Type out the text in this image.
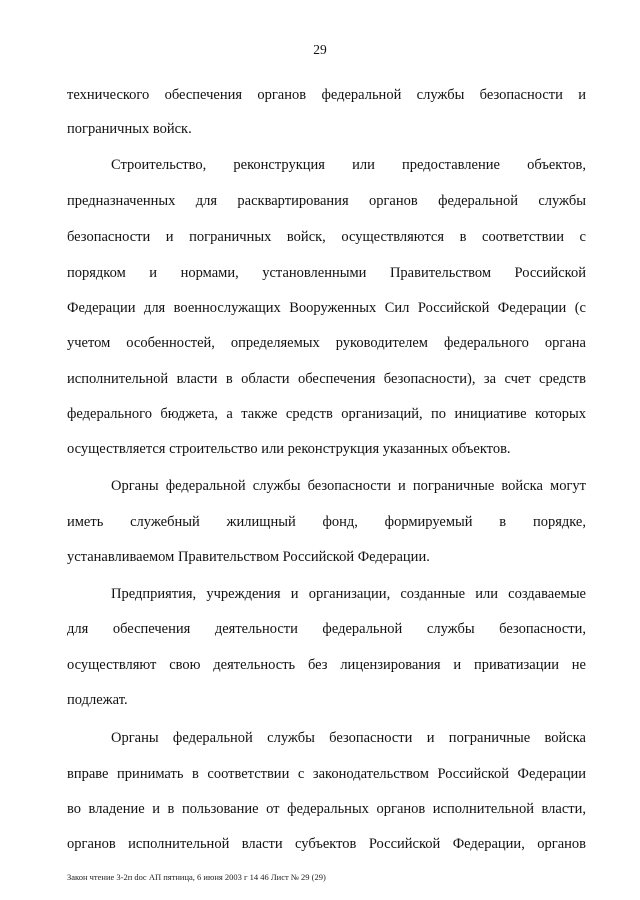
29
технического обеспечения органов федеральной службы безопасности и
пограничных войск.
Строительство, реконструкция или предоставление объектов,
предназначенных для расквартирования органов федеральной службы
безопасности и пограничных войск, осуществляются в соответствии с
порядком и нормами, установленными Правительством Российской
Федерации для военнослужащих Вооруженных Сил Российской Федерации (с
учетом особенностей, определяемых руководителем федерального органа
исполнительной власти в области обеспечения безопасности), за счет средств
федерального бюджета, а также средств организаций, по инициативе которых
осуществляется строительство или реконструкция указанных объектов.
Органы федеральной службы безопасности и пограничные войска могут
иметь служебный жилищный фонд, формируемый в порядке,
устанавливаемом Правительством Российской Федерации.
Предприятия, учреждения и организации, созданные или создаваемые
для обеспечения деятельности федеральной службы безопасности,
осуществляют свою деятельность без лицензирования и приватизации не
подлежат.
Органы федеральной службы безопасности и пограничные войска
вправе принимать в соответствии с законодательством Российской Федерации
во владение и в пользование от федеральных органов исполнительной власти,
органов исполнительной власти субъектов Российской Федерации, органов
Закон чтение 3-2п doc АП пятница, 6 июня 2003 г 14 46 Лист № 29 (29)
